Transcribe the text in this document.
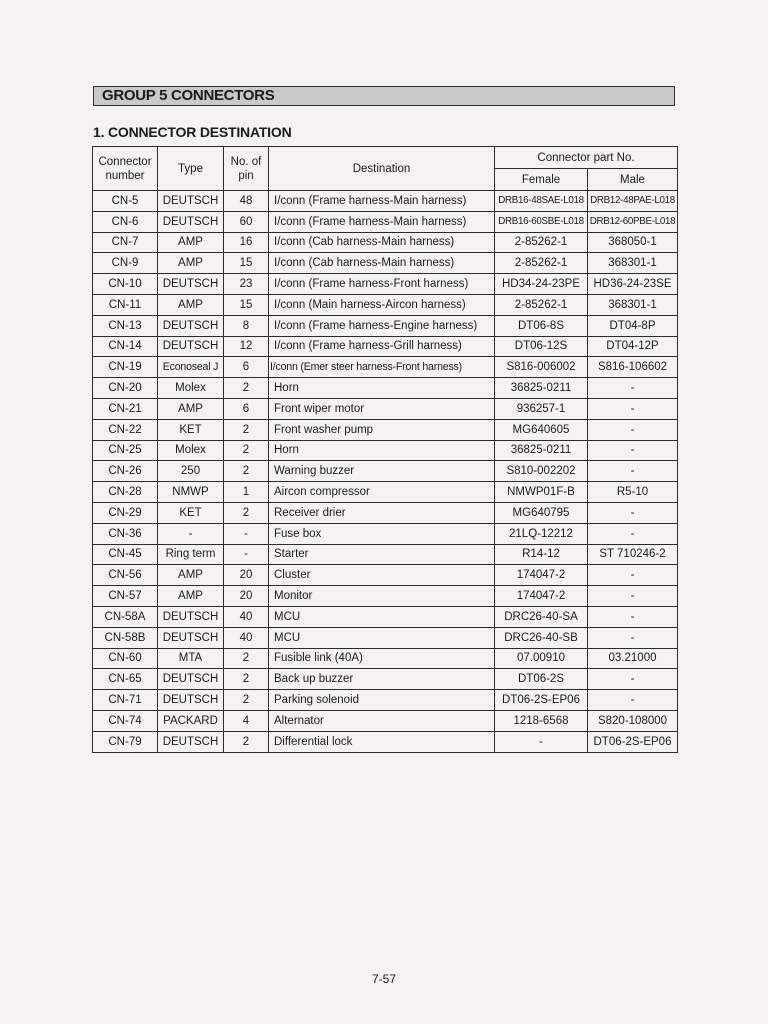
GROUP 5 CONNECTORS
1. CONNECTOR DESTINATION
Connector number	Type	No. of pin	Destination	Connector part No.	
				Female	Male
CN-5	DEUTSCH	48	I/conn (Frame harness-Main harness)	DRB16-48SAE-L018	DRB12-48PAE-L018
CN-6	DEUTSCH	60	I/conn (Frame harness-Main harness)	DRB16-60SBE-L018	DRB12-60PBE-L018
CN-7	AMP	16	I/conn (Cab harness-Main harness)	2-85262-1	368050-1
CN-9	AMP	15	I/conn (Cab harness-Main harness)	2-85262-1	368301-1
CN-10	DEUTSCH	23	I/conn (Frame harness-Front harness)	HD34-24-23PE	HD36-24-23SE
CN-11	AMP	15	I/conn (Main harness-Aircon harness)	2-85262-1	368301-1
CN-13	DEUTSCH	8	I/conn (Frame harness-Engine harness)	DT06-8S	DT04-8P
CN-14	DEUTSCH	12	I/conn (Frame harness-Grill harness)	DT06-12S	DT04-12P
CN-19	Econoseal J	6	I/conn (Emer steer harness-Front harness)	S816-006002	S816-106602
CN-20	Molex	2	Horn	36825-0211	-
CN-21	AMP	6	Front wiper motor	936257-1	-
CN-22	KET	2	Front washer pump	MG640605	-
CN-25	Molex	2	Horn	36825-0211	-
CN-26	250	2	Warning buzzer	S810-002202	-
CN-28	NMWP	1	Aircon compressor	NMWP01F-B	R5-10
CN-29	KET	2	Receiver drier	MG640795	-
CN-36	-	-	Fuse box	21LQ-12212	-
CN-45	Ring term	-	Starter	R14-12	ST 710246-2
CN-56	AMP	20	Cluster	174047-2	-
CN-57	AMP	20	Monitor	174047-2	-
CN-58A	DEUTSCH	40	MCU	DRC26-40-SA	-
CN-58B	DEUTSCH	40	MCU	DRC26-40-SB	-
CN-60	MTA	2	Fusible link (40A)	07.00910	03.21000
CN-65	DEUTSCH	2	Back up buzzer	DT06-2S	-
CN-71	DEUTSCH	2	Parking solenoid	DT06-2S-EP06	-
CN-74	PACKARD	4	Alternator	1218-6568	S820-108000
CN-79	DEUTSCH	2	Differential lock	-	DT06-2S-EP06
7-57
